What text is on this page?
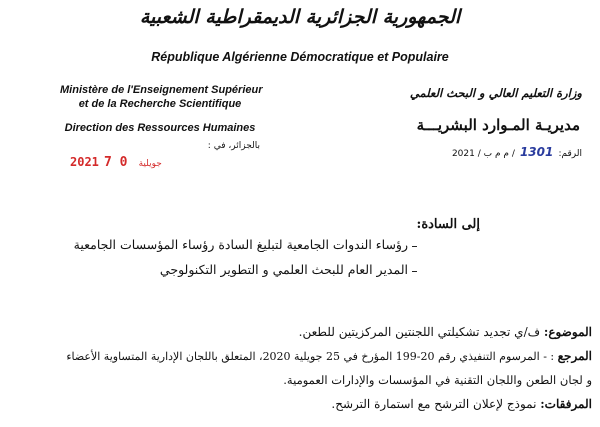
الجمهورية الجزائرية الديمقراطية الشعبية
République Algérienne Démocratique et Populaire
Ministère de l'Enseignement Supérieur
et de la Recherche Scientifique
Direction des Ressources Humaines
وزارة التعليم العالي و البحث العلمي
مديريـة المـوارد البشريـــة
بالجزائر، في :
2021	جويلية 0 7
الرقم: 1301 / م م ب / 2021
إلى السادة:
رؤساء الندوات الجامعية لتبليغ السادة رؤساء المؤسسات الجامعية
المدير العام للبحث العلمي و التطوير التكنولوجي
الموضوع: ف/ي تجديد تشكيلتي اللجنتين المركزيتين للطعن.
المرجع : - المرسوم التنفيذي رقم 20-199 المؤرخ في 25 جويلية 2020، المتعلق باللجان الإدارية المتساوية الأعضاء
و لجان الطعن واللجان التقنية في المؤسسات والإدارات العمومية.
المرفقات: نموذج لإعلان الترشح مع استمارة الترشح.
